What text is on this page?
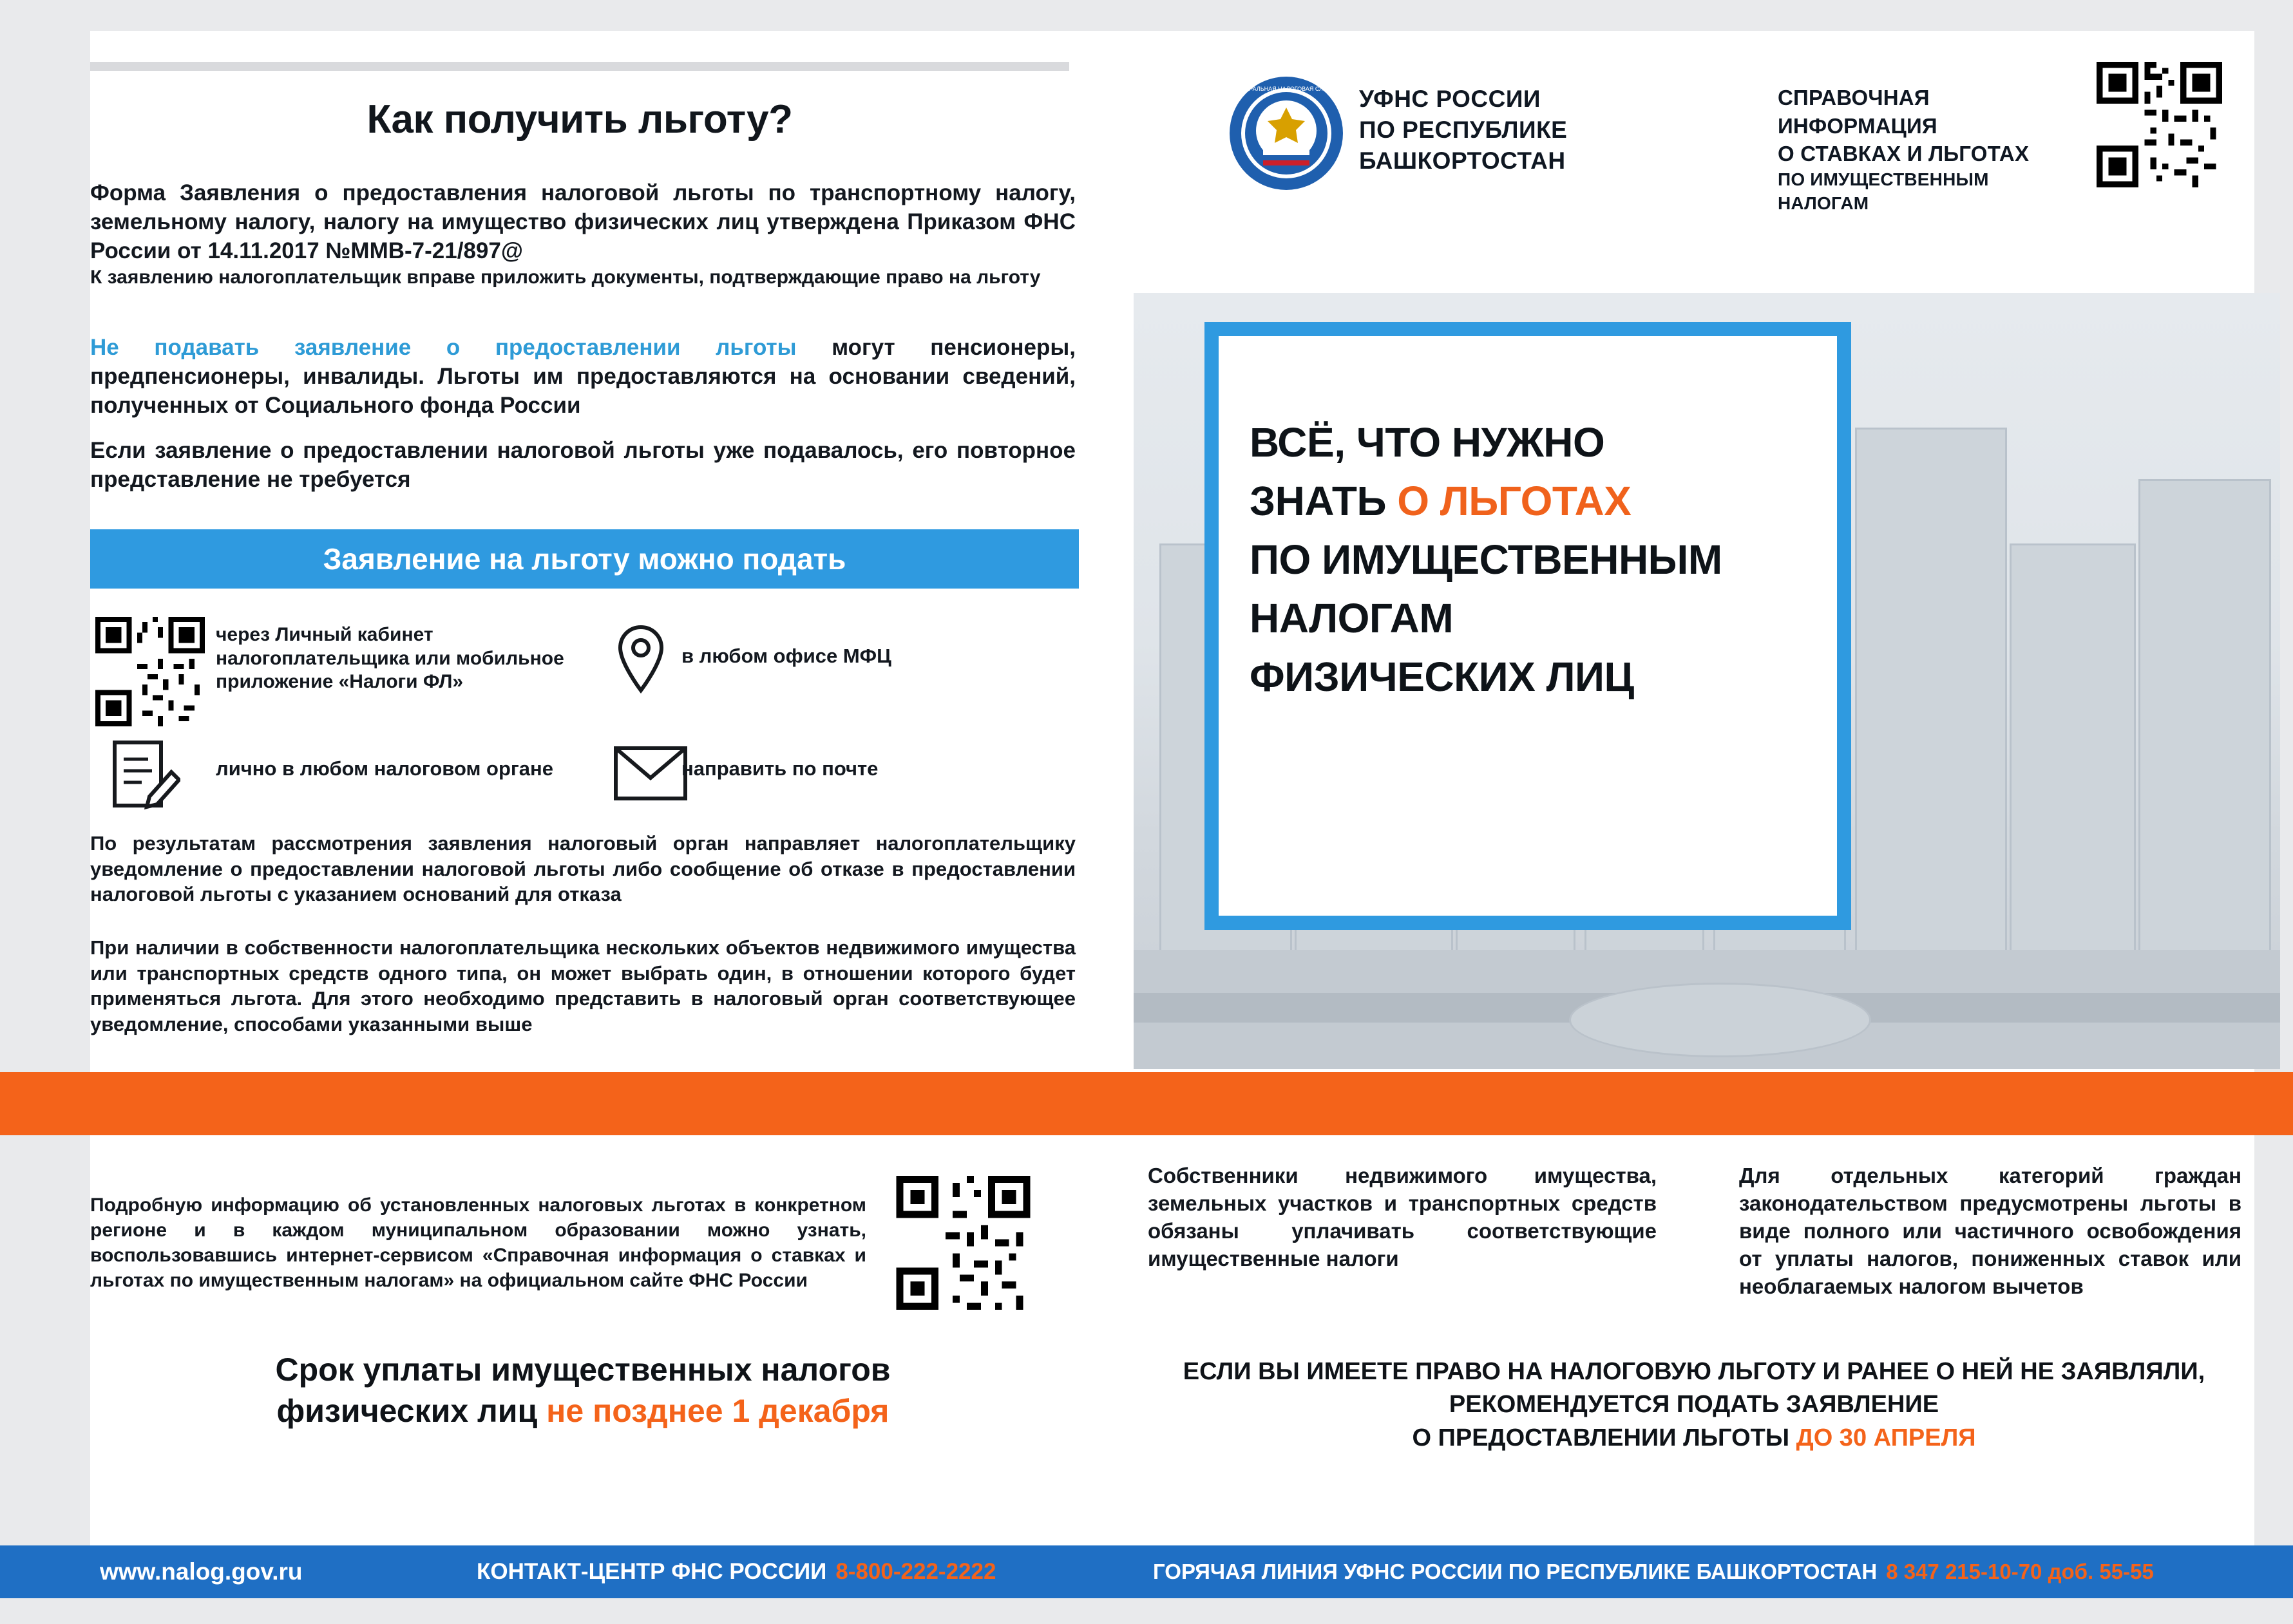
Как получить льготу?
ФЕДЕРАЛЬНАЯ НАЛОГОВАЯ СЛУЖБА УФНС РОССИИ
ПО РЕСПУБЛИКЕ
БАШКОРТОСТАН
СПРАВОЧНАЯ ИНФОРМАЦИЯ
О СТАВКАХ И ЛЬГОТАХ
ПО ИМУЩЕСТВЕННЫМ НАЛОГАМ
Форма Заявления о предоставления налоговой льготы по транспортному налогу, земельному налогу, налогу на имущество физических лиц утверждена Приказом ФНС России от 14.11.2017 №ММВ-7-21/897@
К заявлению налогоплательщик вправе приложить документы, подтверждающие право на льготу
Не подавать заявление о предоставлении льготы могут пенсионеры, предпенсионеры, инвалиды. Льготы им предоставляются на основании сведений, полученных от Социального фонда России
Если заявление о предоставлении налоговой льготы уже подавалось, его повторное представление не требуется
Заявление на льготу можно подать
через Личный кабинет налогоплательщика или мобильное приложение «Налоги ФЛ»
в любом офисе МФЦ
лично в любом налоговом органе	направить по почте
По результатам рассмотрения заявления налоговый орган направляет налогоплательщику уведомление о предоставлении налоговой льготы либо сообщение об отказе в предоставлении налоговой льготы с указанием оснований для отказа
При наличии в собственности налогоплательщика нескольких объектов недвижимого имущества или транспортных средств одного типа, он может выбрать один, в отношении которого будет применяться льгота. Для этого необходимо представить в налоговый орган соответствующее уведомление, способами указанными выше
ВСЁ, ЧТО НУЖНО
ЗНАТЬ О ЛЬГОТАХ
ПО ИМУЩЕСТВЕННЫМ
НАЛОГАМ
ФИЗИЧЕСКИХ ЛИЦ
Подробную информацию об установленных налоговых льготах в конкретном регионе и в каждом муниципальном образовании можно узнать, воспользовавшись интернет-сервисом «Справочная информация о ставках и льготах по имущественным налогам» на официальном сайте ФНС России
Собственники недвижимого имущества, земельных участков и транспортных средств обязаны уплачивать соответствующие имущественные налоги
Для отдельных категорий граждан законодательством предусмотрены льготы в виде полного или частичного освобождения от уплаты налогов, пониженных ставок или необлагаемых налогом вычетов
Срок уплаты имущественных налогов
физических лиц не позднее 1 декабря
ЕСЛИ ВЫ ИМЕЕТЕ ПРАВО НА НАЛОГОВУЮ ЛЬГОТУ И РАНЕЕ О НЕЙ НЕ ЗАЯВЛЯЛИ,
РЕКОМЕНДУЕТСЯ ПОДАТЬ ЗАЯВЛЕНИЕ
О ПРЕДОСТАВЛЕНИИ ЛЬГОТЫ ДО 30 АПРЕЛЯ
www.nalog.gov.ru	КОНТАКТ-ЦЕНТР ФНС РОССИИ 8-800-222-2222	ГОРЯЧАЯ ЛИНИЯ УФНС РОССИИ ПО РЕСПУБЛИКЕ БАШКОРТОСТАН 8 347 215-10-70 доб. 55-55
